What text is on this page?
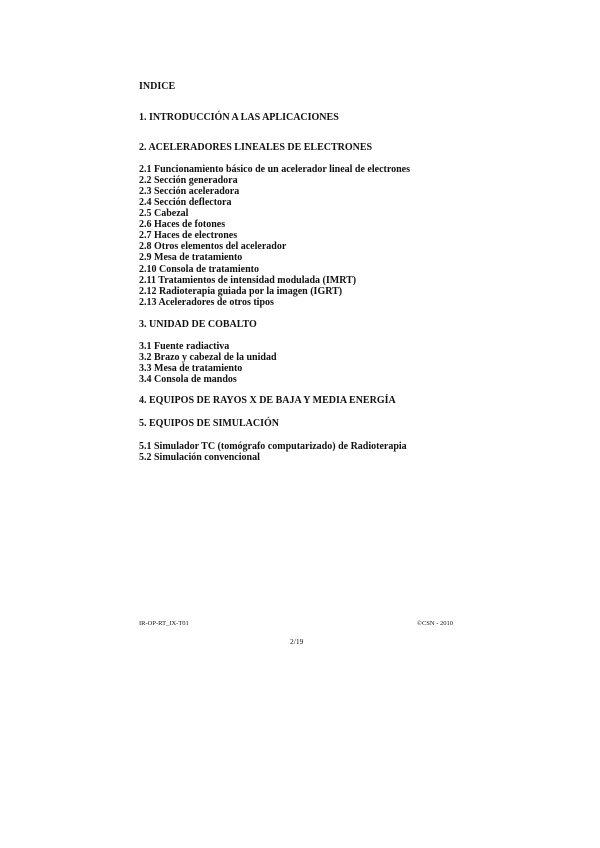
INDICE
1. INTRODUCCIÓN A LAS APLICACIONES
2. ACELERADORES LINEALES DE ELECTRONES
2.1 Funcionamiento básico de un acelerador lineal de electrones
2.2 Sección generadora
2.3 Sección aceleradora
2.4 Sección deflectora
2.5 Cabezal
2.6 Haces de fotones
2.7 Haces de electrones
2.8 Otros elementos del acelerador
2.9 Mesa de tratamiento
2.10 Consola de tratamiento
2.11 Tratamientos de intensidad modulada (IMRT)
2.12 Radioterapia guiada por la imagen (IGRT)
2.13 Aceleradores de otros tipos
3. UNIDAD DE COBALTO
3.1 Fuente radiactiva
3.2 Brazo y cabezal de la unidad
3.3 Mesa de tratamiento
3.4 Consola de mandos
4. EQUIPOS DE RAYOS X DE BAJA Y MEDIA ENERGÍA
5. EQUIPOS DE SIMULACIÓN
5.1 Simulador TC (tomógrafo computarizado) de Radioterapia
5.2 Simulación convencional
IR-OP-RT_IX-T01	©CSN - 2010
2/19
